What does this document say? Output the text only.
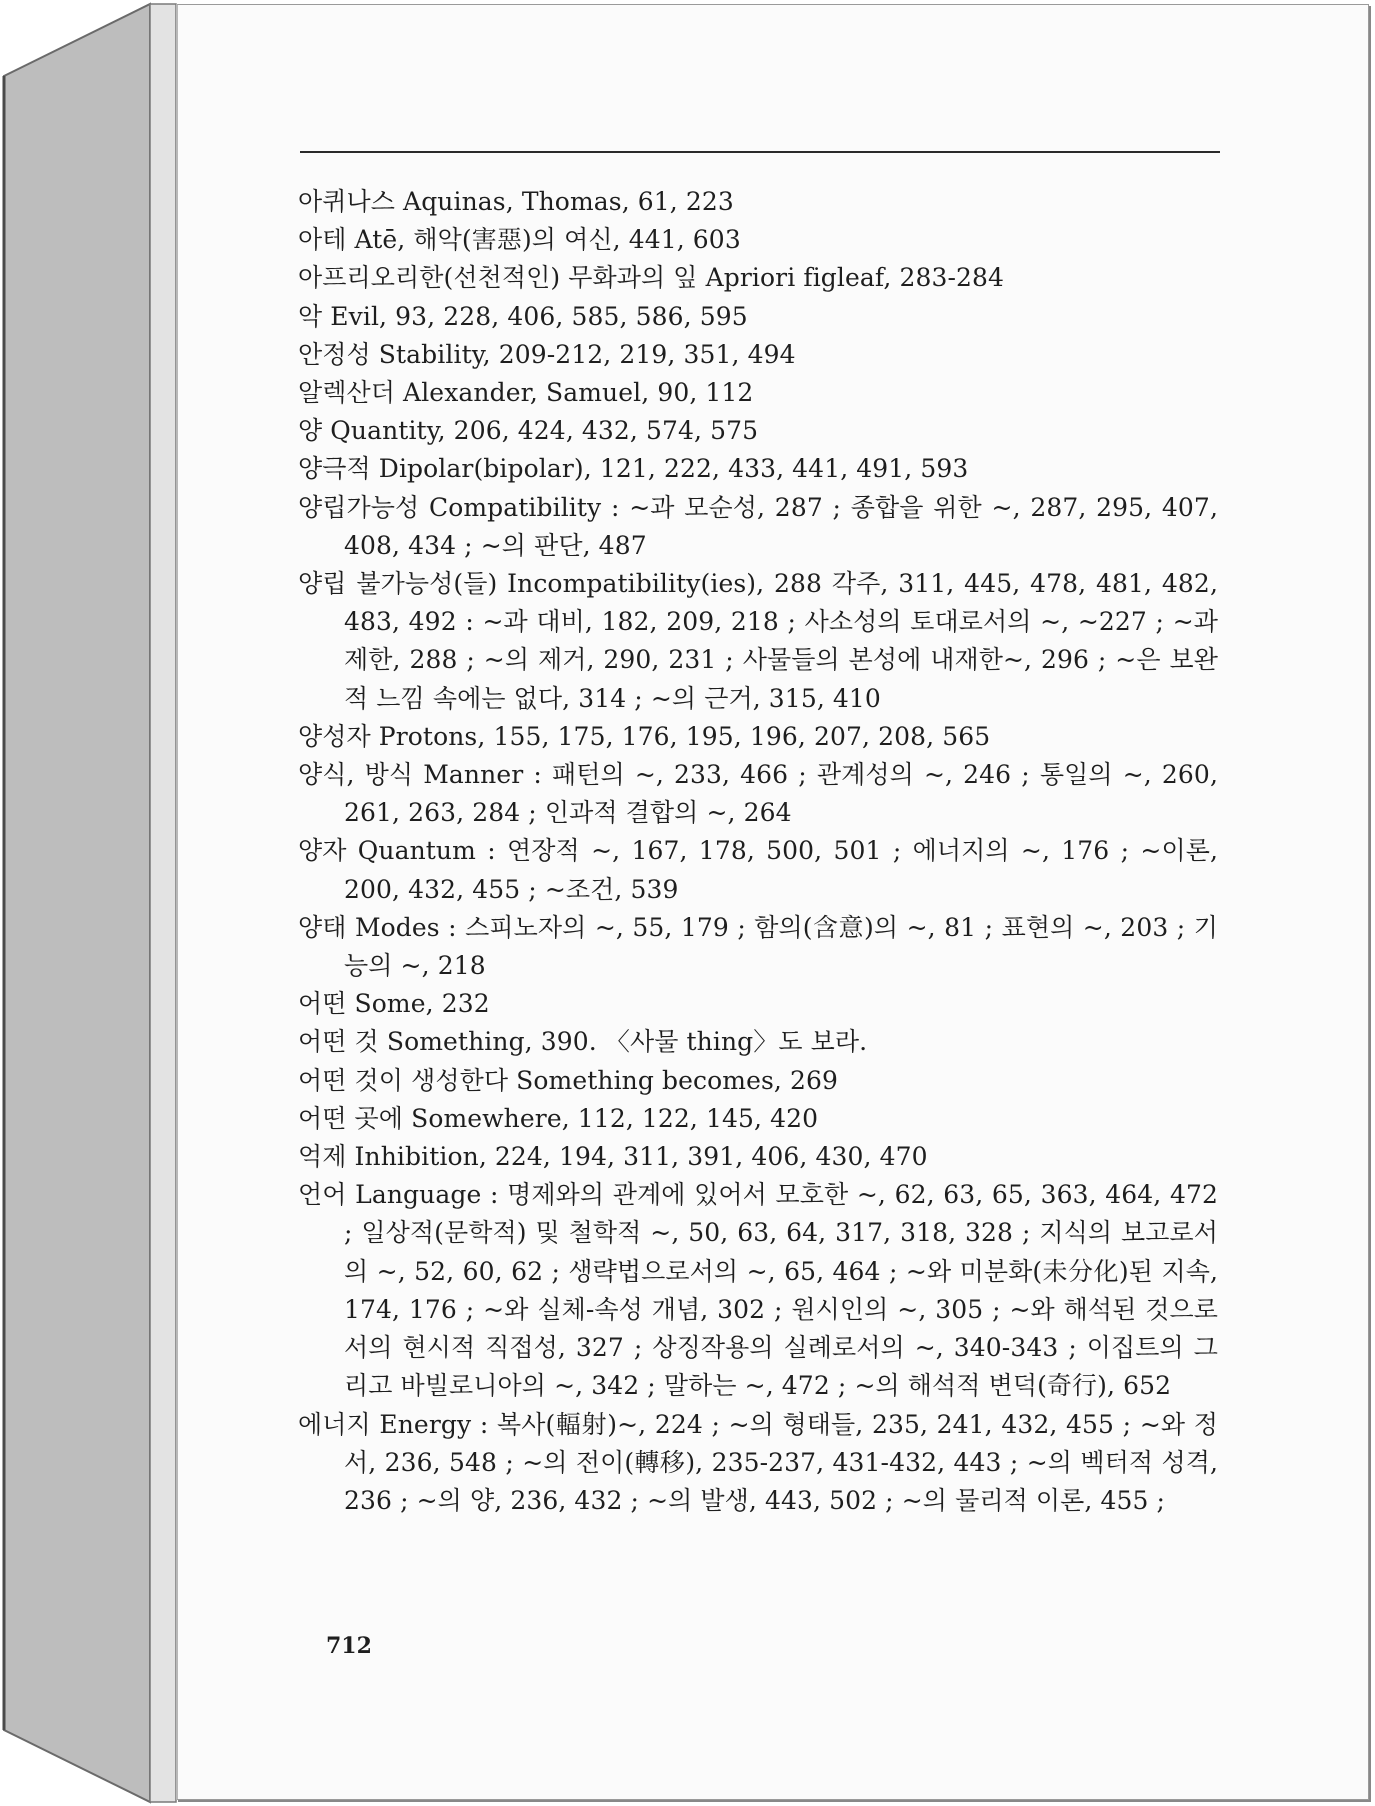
아퀴나스 Aquinas, Thomas, 61, 223
아테 Atē, 해악(害惡)의 여신, 441, 603
아프리오리한(선천적인) 무화과의 잎 Apriori figleaf, 283-284
악 Evil, 93, 228, 406, 585, 586, 595
안정성 Stability, 209-212, 219, 351, 494
알렉산더 Alexander, Samuel, 90, 112
양 Quantity, 206, 424, 432, 574, 575
양극적 Dipolar(bipolar), 121, 222, 433, 441, 491, 593
양립가능성 Compatibility : ~과 모순성, 287 ; 종합을 위한 ~, 287, 295, 407, 408, 434 ; ~의 판단, 487
양립 불가능성(들) Incompatibility(ies), 288 각주, 311, 445, 478, 481, 482, 483, 492 : ~과 대비, 182, 209, 218 ; 사소성의 토대로서의 ~, ~227 ; ~과 제한, 288 ; ~의 제거, 290, 231 ; 사물들의 본성에 내재한~, 296 ; ~은 보완적 느낌 속에는 없다, 314 ; ~의 근거, 315, 410
양성자 Protons, 155, 175, 176, 195, 196, 207, 208, 565
양식, 방식 Manner : 패턴의 ~, 233, 466 ; 관계성의 ~, 246 ; 통일의 ~, 260, 261, 263, 284 ; 인과적 결합의 ~, 264
양자 Quantum : 연장적 ~, 167, 178, 500, 501 ; 에너지의 ~, 176 ; ~이론, 200, 432, 455 ; ~조건, 539
양태 Modes : 스피노자의 ~, 55, 179 ; 함의(含意)의 ~, 81 ; 표현의 ~, 203 ; 기능의 ~, 218
어떤 Some, 232
어떤 것 Something, 390. 〈사물 thing〉도 보라.
어떤 것이 생성한다 Something becomes, 269
어떤 곳에 Somewhere, 112, 122, 145, 420
억제 Inhibition, 224, 194, 311, 391, 406, 430, 470
언어 Language : 명제와의 관계에 있어서 모호한 ~, 62, 63, 65, 363, 464, 472 ; 일상적(문학적) 및 철학적 ~, 50, 63, 64, 317, 318, 328 ; 지식의 보고로서의 ~, 52, 60, 62 ; 생략법으로서의 ~, 65, 464 ; ~와 미분화(未分化)된 지속, 174, 176 ; ~와 실체-속성 개념, 302 ; 원시인의 ~, 305 ; ~와 해석된 것으로서의 현시적 직접성, 327 ; 상징작용의 실례로서의 ~, 340-343 ; 이집트의 그리고 바빌로니아의 ~, 342 ; 말하는 ~, 472 ; ~의 해석적 변덕(奇行), 652
에너지 Energy : 복사(輻射)~, 224 ; ~의 형태들, 235, 241, 432, 455 ; ~와 정서, 236, 548 ; ~의 전이(轉移), 235-237, 431-432, 443 ; ~의 벡터적 성격, 236 ; ~의 양, 236, 432 ; ~의 발생, 443, 502 ; ~의 물리적 이론, 455 ;
712
